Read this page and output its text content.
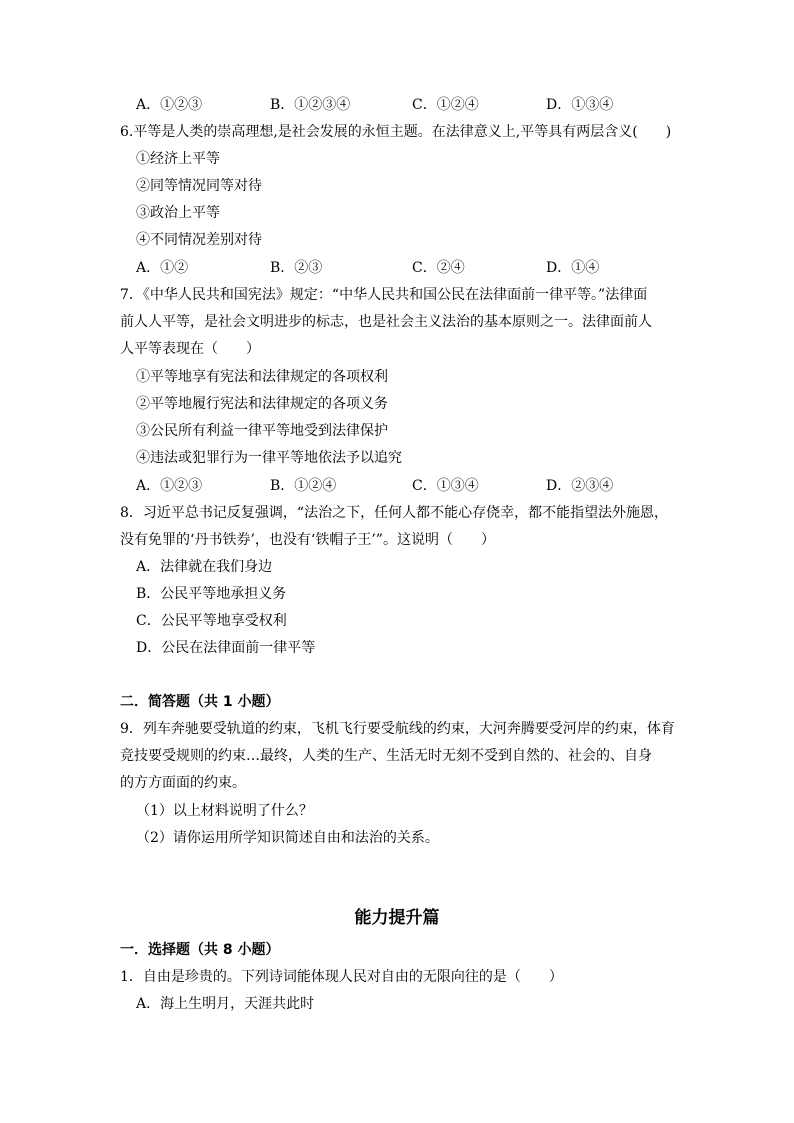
A．①②③	B．①②③④	C．①②④	D．①③④
6.平等是人类的崇高理想,是社会发展的永恒主题。在法律意义上,平等具有两层含义(　　)
①经济上平等
②同等情况同等对待
③政治上平等
④不同情况差别对待
A．①②	B．②③	C．②④	D．①④
7．《中华人民共和国宪法》规定：“中华人民共和国公民在法律面前一律平等。”法律面
前人人平等，是社会文明进步的标志，也是社会主义法治的基本原则之一。法律面前人
人平等表现在（　　）
①平等地享有宪法和法律规定的各项权利
②平等地履行宪法和法律规定的各项义务
③公民所有利益一律平等地受到法律保护
④违法或犯罪行为一律平等地依法予以追究
A．①②③	B．①②④	C．①③④	D．②③④
8．习近平总书记反复强调，“法治之下，任何人都不能心存侥幸，都不能指望法外施恩，
没有免罪的‘丹书铁券’，也没有‘铁帽子王’”。这说明（　　）
A．法律就在我们身边
B．公民平等地承担义务
C．公民平等地享受权利
D．公民在法律面前一律平等
二．简答题（共 1 小题）
9．列车奔驰要受轨道的约束，飞机飞行要受航线的约束，大河奔腾要受河岸的约束，体育
竞技要受规则的约束…最终，人类的生产、生活无时无刻不受到自然的、社会的、自身
的方方面面的约束。
（1）以上材料说明了什么？
（2）请你运用所学知识简述自由和法治的关系。
能力提升篇
一．选择题（共 8 小题）
1．自由是珍贵的。下列诗词能体现人民对自由的无限向往的是（　　）
A．海上生明月，天涯共此时
